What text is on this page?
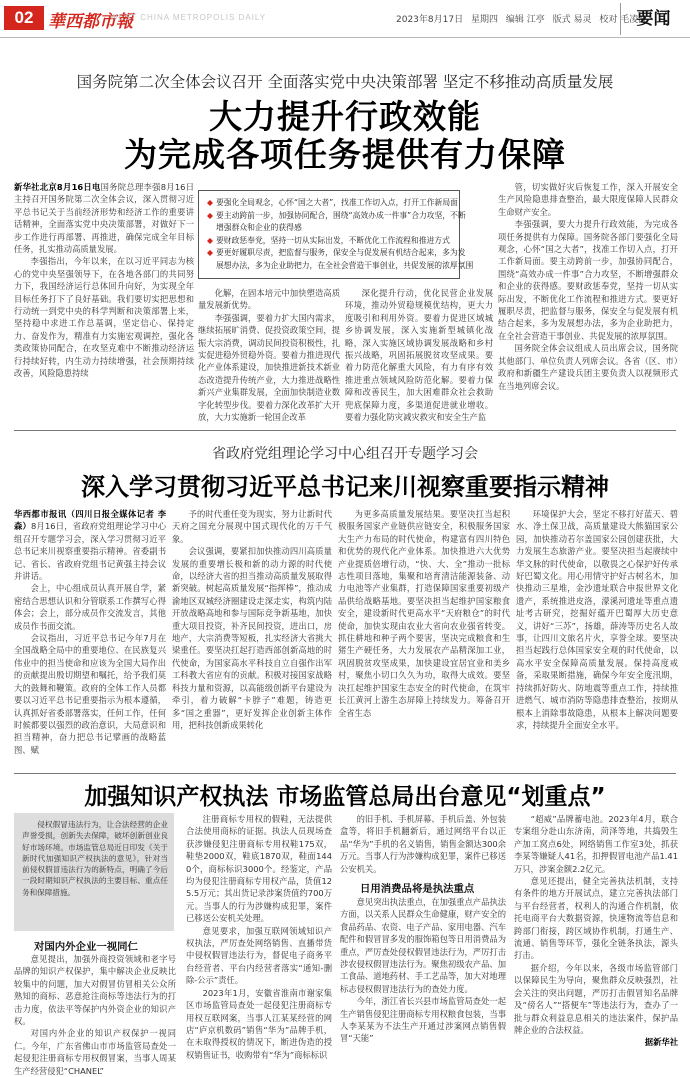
02 華西都市報
WEST CHINA METROPOLIS DAILY	2023年8月17日 星期四 编辑 江亭 版式 易灵 校对 毛凌波
要闻
国务院第二次全体会议召开 全面落实党中央决策部署 坚定不移推动高质量发展
大力提升行政效能
为完成各项任务提供有力保障

新华社北京8月16日电国务院总理李强8月16日主持召开国务院第二次全体会议，深入贯彻习近平总书记关于当前经济形势和经济工作的重要讲话精神，全面落实党中央决策部署，对做好下一步工作进行再部署、再推进，确保完成全年目标任务，扎实推动高质量发展。

李强指出，今年以来，在以习近平同志为核心的党中央坚强领导下，在各地各部门的共同努力下，我国经济运行总体回升向好，为实现全年目标任务打下了良好基础。我们要切实把思想和行动统一到党中央的科学判断和决策部署上来，坚持稳中求进工作总基调，坚定信心、保持定力、奋发作为，精准有力实施宏观调控，强化各类政策协同配合，在攻坚克难中不断推动经济运行持续好转，内生动力持续增强，社会预期持续改善，风险隐患持续

化解，在固本培元中加快塑造高质量发展新优势。

李强强调，要着力扩大国内需求，继续拓展旷消费、促投资政策空间，提振大宗消费，调动民间投资积极性，扎实促进稳外贸稳外资。要着力推进现代化产业体系建设，加快推进新技术新业态改造提升传统产业，大力推进战略性新兴产业集群发展，全面加快制造业数字化转型步伐。要着力深化改革扩大开放，大力实施新一轮国企改革

深化提升行动，优化民营企业发展环境，推动外贸稳规模优结构，更大力度吸引和利用外资。要着力促进区域城乡协调发展，深入实施新型城镇化战略，深入实施区域协调发展战略和乡村振兴战略，巩固拓展脱贫攻坚成果。要着力防范化解重大风险，有力有序有效推进重点领域风险防范化解。要着力保障和改善民生，加大困难群众社会救助兜底保障力度，多渠道促进就业增收。要着力强化防灾减灾救灾和安全生产监

管，切实做好灾后恢复工作，深入开展安全生产风险隐患排查整治，最大限度保障人民群众生命财产安全。

李强强调，要大力提升行政效能，为完成各项任务提供有力保障。国务院各部门要强化全局观念，心怀“国之大者”，找准工作切入点，打开工作新局面。要主动跨前一步，加强协同配合，围绕“高效办成一件事”合力攻坚，不断增强群众和企业的获得感。要财政惩奉党，坚持一切从实际出发，不断优化工作流程和推进方式。要更好履职尽责，把监督与服务，保安全与促发展有机结合起来，多为发展想办法，多为企业助把力，在全社会营造干事创业、共促发展的浓厚氛围。

国务院全体会议组成人员出席会议，国务院其他部门、单位负责人列席会议。各省（区、市）政府和新疆生产建设兵团主要负责人以视频形式在当地列席会议。

◆ 要强化全局观念，心怀“国之大者”，找准工作切入点，打开工作新局面
◆ 要主动跨前一步，加强协同配合，围绕“高效办成一件事”合力攻坚，不断
增强群众和企业的获得感
◆ 要财政惩奉党，坚持一切从实际出发，不断优化工作流程和推进方式
◆ 要更好履职尽责，把监督与服务，保安全与促发展有机结合起来，多为发
展想办法，多为企业助把力，在全社会营造干事创业，共促发展的浓厚氛围
省政府党组理论学习中心组召开专题学习会
深入学习贯彻习近平总书记来川视察重要指示精神

华西都市报讯（四川日报全媒体记者 李森）8月16日，省政府党组理论学习中心组召开专题学习会，深入学习贯彻习近平总书记来川视察重要指示精神。省委副书记、省长、省政府党组书记黄强主持会议并讲话。

会上，中心组成员认真开展自学，紧密结合思想认识和分管联系工作撰写心得体会；会上，部分成员作交流发言，其他成员作书面交流。

会议指出，习近平总书记今年7月在全国战略全局中的重要地位、在民族复兴伟业中的担当使命和应该为全国大局作出的贡献提出殷切期望和嘱托，给予我们莫大的鼓舞和鞭策。政府的全体工作人员都要以习近平总书记重要指示为根本遵循，认真抓好省委部署落实，任何工作，任何时候都要以强烈的政治意识，大局意识和担当精神，奋力把总书记擘画的战略蓝图、赋

予的时代重任变为现实，努力让新时代天府之国充分展现中国式现代化的万千气象。

会议强调，要紧扣加快推动四川高质量发展的重要增长极和新的动力源的时代使命，以经济大省的担当推动高质量发展取得新突破。树起高质量发展“指挥棒”，推动成渝地区双城经济圈建设走深走实，构筑内陆开放战略高地和参与国际竞争新基地，加快重大项目投资，补齐民间投资，进出口，房地产，大宗消费等短板，扎实经济大省挑大梁重任。要坚决扛起打造西部创新高地的时代使命，为国家高水平科技自立自强作出军工科教大省应有的贡献。积极对接国家战略科技力量和资源，以高能级创新平台建设为牵引，着力破解“卡脖子”难题，铸造更多“国之重器”，更好发挥企业创新主体作用，把科技创新成果转化

为更多高质量发展结果。要坚决扛当起积极服务国家产业链供应链安全，积极服务国家大生产力布局的时代使命，构建富有四川特色和优势的现代化产业体系。加快推进六大优势产业提质倍增行动，“快、大、全”推动一批标志性项目落地，集聚和培育清洁能源装备、动力电池等产业集群，打造保障国家重要初级产品供给战略基地。要坚决担当起维护国家粮食安全，建设新时代更高水平“天府粮仓”的时代使命，加快实现由农业大省向农业强省转变。抓住耕地和种子两个要害，坚决完成粮食和生猪生产硬任务，大力发展农产品精深加工业，巩固脱贫攻坚成果，加快建设宜居宜业和美乡村，聚焦小切口久久为功，取得大成效。要坚决扛起维护国家生态安全的时代使命，在筑牢长江黄河上游生态屏障上持续发力。筹备召开全省生态

环境保护大会，坚定不移打好蓝天、碧水、净土保卫战，高质量建设大熊猫国家公园，加快推动若尔盖国家公园创建获批，大力发展生态旅游产业。要坚决担当起赓续中华文脉的时代使命，以敬畏之心保护好传承好巴蜀文化。用心用情守护好古树名木，加快推动三星堆，金沙遗址联合申报世界文化遗产，系统推进皮洛，濛溪河遗址等重点遗址考古研究，挖掘好蕴开巴蜀厚大历史意义，讲好“三苏”，扬雄，薛涛等历史名人故事，让四川文旅名片火，享誉全球。要坚决担当起践行总体国家安全观的时代使命，以高水平安全保障高质量发展。保持高度戒备，采取果断措施，确保今年安全度汛期，持续抓好防火、防地震等重点工作，持续推进燃气、城市消防等隐患排查整治，按期从根本上消除事故隐患，从根本上解决问题要求，持续提升全面安全水平。

加强知识产权执法 市场监管总局出台意见“划重点”
侵权假冒违法行为，让合法经营的企业声誉受损，创新失去保障，破坏创新创业良好市场环境。市场监管总局近日印发《关于新时代加强知识产权执法的意见》，针对当前侵权假冒违法行为的新特点，明确了今后一段时期知识产权执法的主要目标、重点任务和保障措施。
对国内外企业一视同仁

意见提出，加强外商投资领域和老字号品牌的知识产权保护，集中解决企业反映比较集中的问题，加大对假冒仿冒相关公众所熟知的商标、恶意抢注商标等违法行为的打击力度，依法平等保护内外资企业的知识产权。

对国内外企业的知识产权保护一视同仁。今年，广东省佛山市市场监管局查处一起侵犯注册商标专用权假冒案，当事人周某生产经营侵犯“CHANEL”

注册商标专用权的假鞋，无法提供合法使用商标的证据。执法人员现场查获涉嫌侵犯注册商标专用权鞋175双，鞋垫2000双，鞋底1870双，鞋面1440个，商标标识3000个。经鉴定，产品均为侵犯注册商标专用权产品，货值125.5万元；其出货记录涉案货值约700万元。当事人的行为涉嫌构成犯罪，案件已移送公安机关处理。

意见要求，加强互联网领域知识产权执法，严厉查处网络销售、直播带货中侵权假冒违法行为，督促电子商务平台经营者、平台内经营者落实“通知-删除-公示”责任。

2023年1月，安徽省淮南市谢家集区市场监管局查处一起侵犯注册商标专用权互联网案，当事人江某某经营的网店“庐京机数码”销售“华为”品牌手机，在未取得授权的情况下，断进伪造的授权销售证书，收购带有“华为”商标标识

的旧手机、手机屏幕、手机后盖、外包装盒等，将旧手机翻新后，通过网络平台以正品“华为”手机的名义销售，销售金额达300余万元。当事人行为涉嫌构成犯罪，案件已移送公安机关。

日用消费品将是执法重点

意见突出执法重点，在加强重点产品执法方面，以关系人民群众生命健康，财产安全的食品药品、农资、电子产品、家用电器、汽车配件和假冒冒多发的服饰箱包等日用消费品为重点，严厉查处侵权假冒违法行为，严厉打击涉农侵权假冒违法行为。聚焦初级农产品、加工食品、道地药材、手工艺品等，加大对地理标志侵权假冒违法行为的查处力度。

今年，浙江省长兴县市场监管局查处一起生产销售侵犯注册商标专用权粮食包装，当事人李某某为不法生产开通过涉案网点销售假冒“天能”

“超威”品牌蓄电池。2023年4月，联合专案组分赴山东济南，菏泽等地，共捣毁生产加工窝点6处，网络销售工作室3处，抓获李某等嫌疑人41名，扣押假冒电池产品1.41万只，涉案金额2.2亿元。

意见还提出，健全完善执法机制，支持有条件的地方开展试点，建立完善执法部门与平台经营者，权利人的沟通合作机制，依托电商平台大数据资源，快速物流等信息和跨部门衔接，跨区域协作机制，打通生产、流通、销售等环节，强化全链条执法，源头打击。

据介绍，今年以来，各级市场监管部门以保障民生为导向，聚焦群众反映强烈，社会关注的突出问题，严厉打击假冒知名品牌及“傍名人”“搭便车”等违法行为，查办了一批与群众利益息息相关的违法案件，保护品牌企业的合法权益。

据新华社
